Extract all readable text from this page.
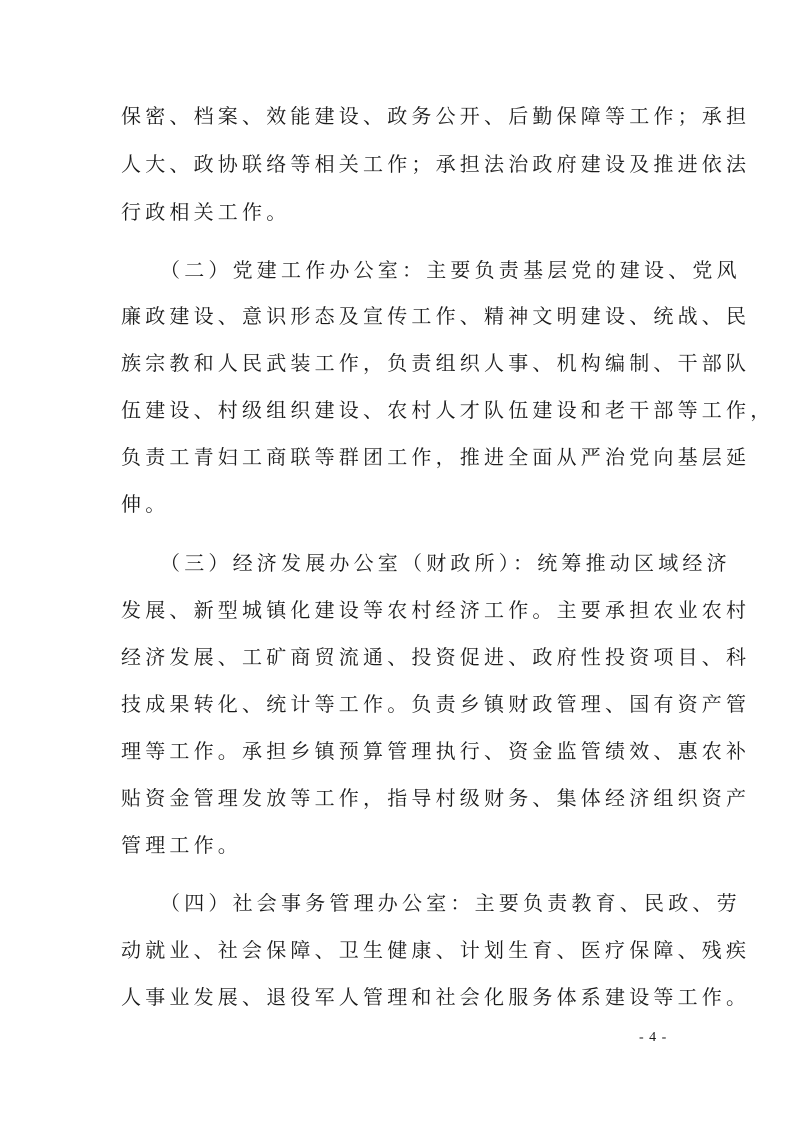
保密、档案、效能建设、政务公开、后勤保障等工作；承担
人大、政协联络等相关工作；承担法治政府建设及推进依法
行政相关工作。
（二）党建工作办公室：主要负责基层党的建设、党风
廉政建设、意识形态及宣传工作、精神文明建设、统战、民
族宗教和人民武装工作，负责组织人事、机构编制、干部队
伍建设、村级组织建设、农村人才队伍建设和老干部等工作，
负责工青妇工商联等群团工作，推进全面从严治党向基层延
伸。
（三）经济发展办公室（财政所）：统筹推动区域经济
发展、新型城镇化建设等农村经济工作。主要承担农业农村
经济发展、工矿商贸流通、投资促进、政府性投资项目、科
技成果转化、统计等工作。负责乡镇财政管理、国有资产管
理等工作。承担乡镇预算管理执行、资金监管绩效、惠农补
贴资金管理发放等工作，指导村级财务、集体经济组织资产
管理工作。
（四）社会事务管理办公室：主要负责教育、民政、劳
动就业、社会保障、卫生健康、计划生育、医疗保障、残疾
人事业发展、退役军人管理和社会化服务体系建设等工作。
- 4 -
